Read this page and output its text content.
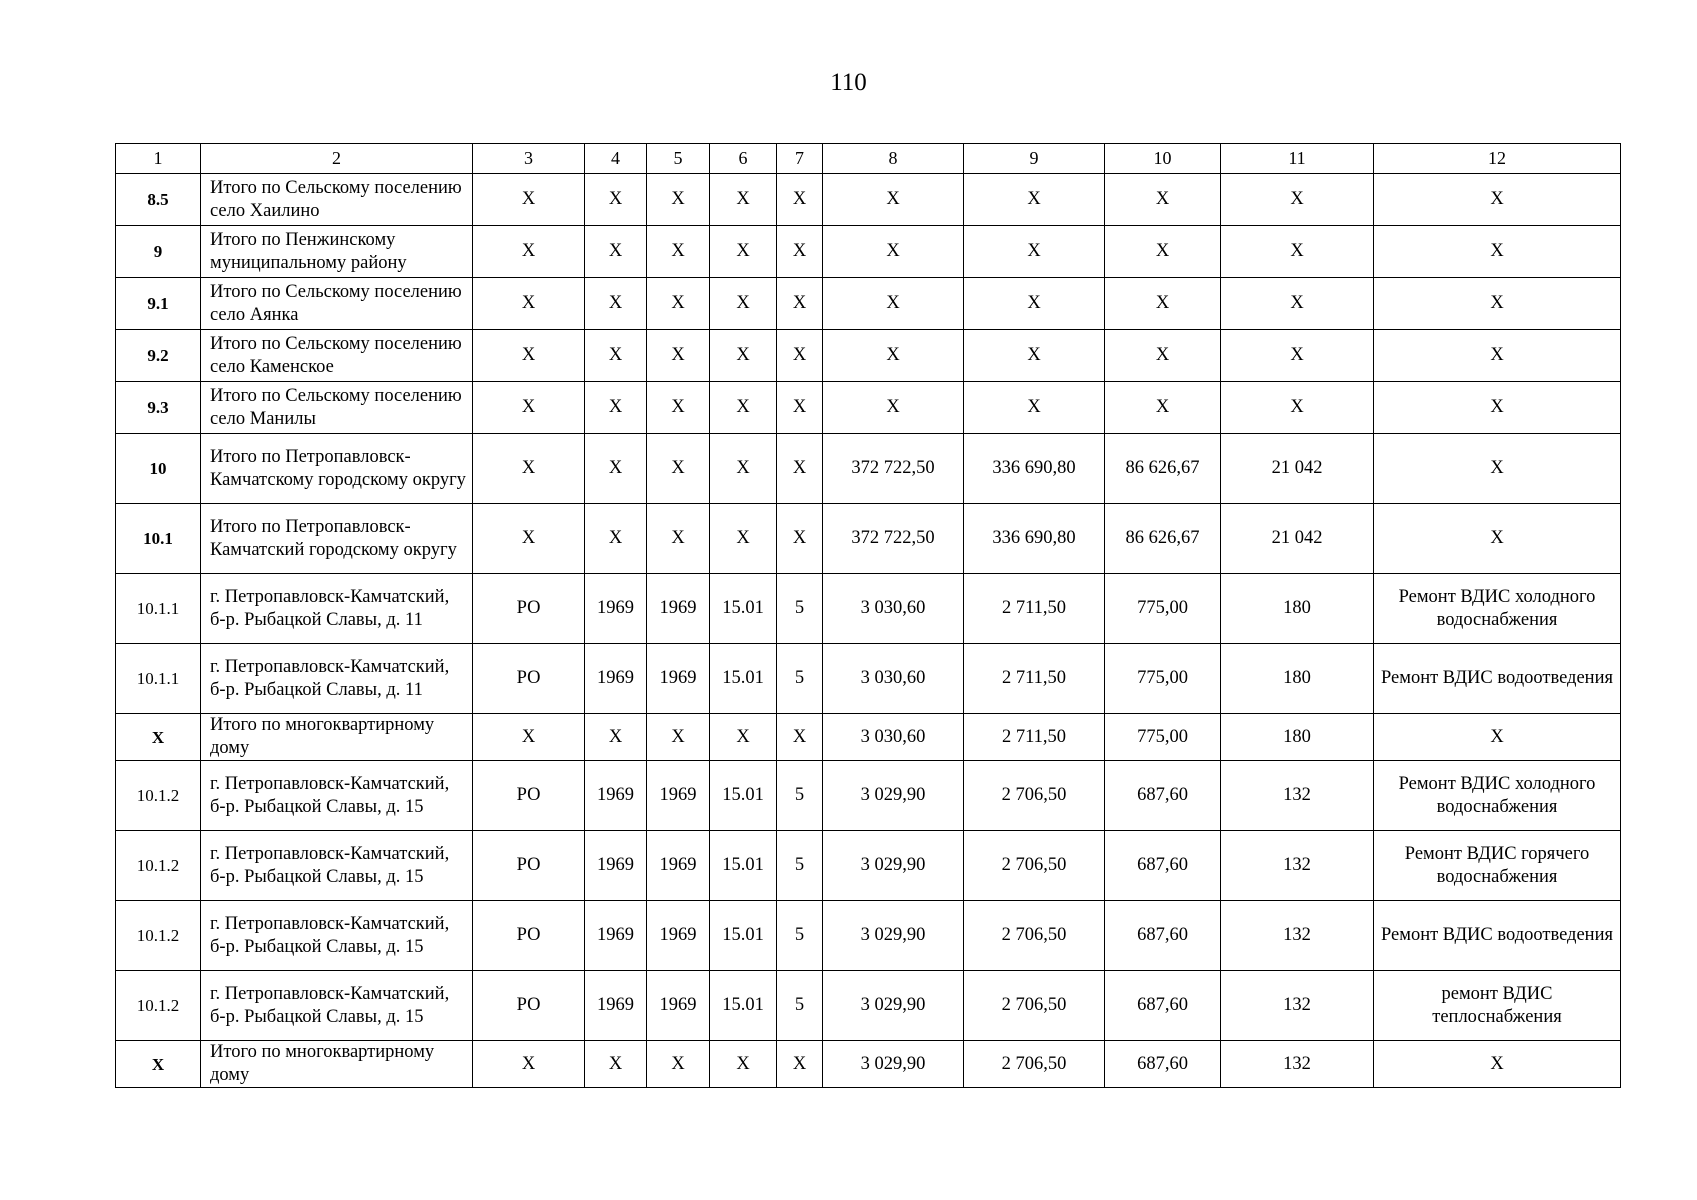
110
1	2	3	4	5	6	7	8	9	10	11	12
8.5	Итого по Сельскому поселению село Хаилино	Х	Х	Х	Х	Х	Х	Х	Х	Х	Х
9	Итого по Пенжинскому муниципальному району	Х	Х	Х	Х	Х	Х	Х	Х	Х	Х
9.1	Итого по Сельскому поселению село Аянка	Х	Х	Х	Х	Х	Х	Х	Х	Х	Х
9.2	Итого по Сельскому поселению село Каменское	Х	Х	Х	Х	Х	Х	Х	Х	Х	Х
9.3	Итого по Сельскому поселению село Манилы	Х	Х	Х	Х	Х	Х	Х	Х	Х	Х
10	Итого по Петропавловск-Камчатскому городскому округу	Х	Х	Х	Х	Х	372 722,50	336 690,80	86 626,67	21 042	Х
10.1	Итого по Петропавловск-Камчатский городскому округу	Х	Х	Х	Х	Х	372 722,50	336 690,80	86 626,67	21 042	Х
10.1.1	г. Петропавловск-Камчатский, б-р. Рыбацкой Славы, д. 11	РО	1969	1969	15.01	5	3 030,60	2 711,50	775,00	180	Ремонт ВДИС холодного водоснабжения
10.1.1	г. Петропавловск-Камчатский, б-р. Рыбацкой Славы, д. 11	РО	1969	1969	15.01	5	3 030,60	2 711,50	775,00	180	Ремонт ВДИС водоотведения
Х	Итого по многоквартирному дому	Х	Х	Х	Х	Х	3 030,60	2 711,50	775,00	180	Х
10.1.2	г. Петропавловск-Камчатский, б-р. Рыбацкой Славы, д. 15	РО	1969	1969	15.01	5	3 029,90	2 706,50	687,60	132	Ремонт ВДИС холодного водоснабжения
10.1.2	г. Петропавловск-Камчатский, б-р. Рыбацкой Славы, д. 15	РО	1969	1969	15.01	5	3 029,90	2 706,50	687,60	132	Ремонт ВДИС горячего водоснабжения
10.1.2	г. Петропавловск-Камчатский, б-р. Рыбацкой Славы, д. 15	РО	1969	1969	15.01	5	3 029,90	2 706,50	687,60	132	Ремонт ВДИС водоотведения
10.1.2	г. Петропавловск-Камчатский, б-р. Рыбацкой Славы, д. 15	РО	1969	1969	15.01	5	3 029,90	2 706,50	687,60	132	ремонт ВДИС теплоснабжения
Х	Итого по многоквартирному дому	Х	Х	Х	Х	Х	3 029,90	2 706,50	687,60	132	Х
